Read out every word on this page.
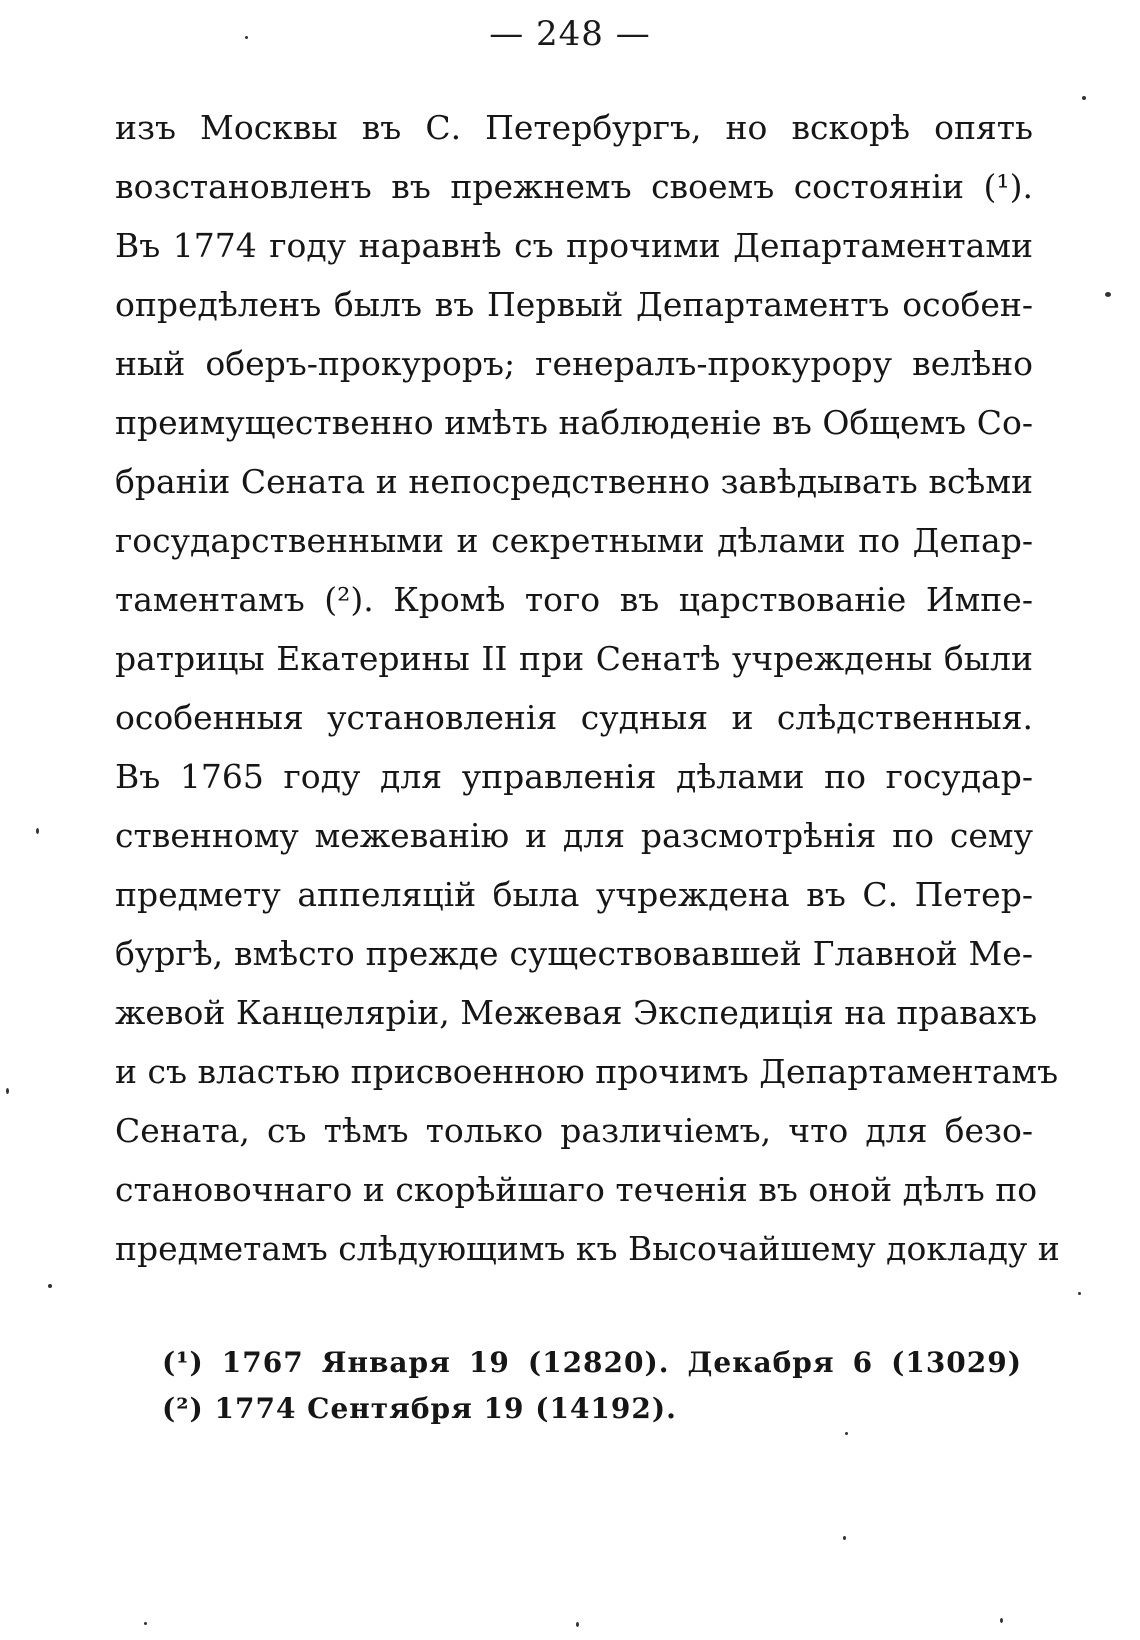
— 248 —
изъ Москвы въ С. Петербургъ, но вскорѣ опять
возстановленъ въ прежнемъ своемъ состояніи (¹).
Въ 1774 году наравнѣ съ прочими Департаментами
опредѣленъ былъ въ Первый Департаментъ особен-
ный оберъ-прокуроръ; генералъ-прокурору велѣно
преимущественно имѣть наблюденіе въ Общемъ Со-
браніи Сената и непосредственно завѣдывать всѣми
государственными и секретными дѣлами по Депар-
таментамъ (²). Кромѣ того въ царствованіе Импе-
ратрицы Екатерины II при Сенатѣ учреждены были
особенныя установленія судныя и слѣдственныя.
Въ 1765 году для управленія дѣлами по государ-
ственному межеванію и для разсмотрѣнія по сему
предмету аппеляцій была учреждена въ С. Петер-
бургѣ, вмѣсто прежде существовавшей Главной Ме-
жевой Канцеляріи, Межевая Экспедиція на правахъ
и съ властью присвоенною прочимъ Департаментамъ
Сената, съ тѣмъ только различіемъ, что для безо-
становочнаго и скорѣйшаго теченія въ оной дѣлъ по
предметамъ слѣдующимъ къ Высочайшему докладу и
(¹) 1767 Января 19 (12820). Декабря 6 (13029)
(²) 1774 Сентября 19 (14192).
